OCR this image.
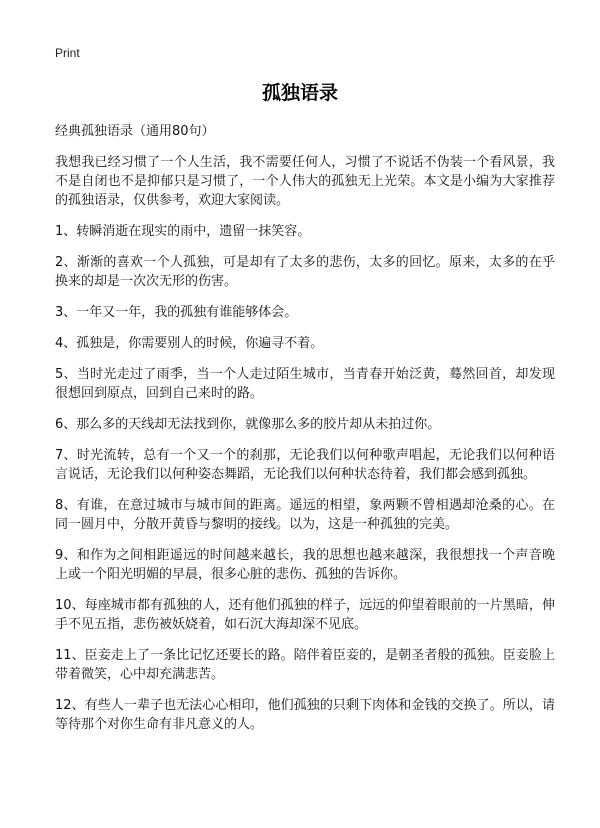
Print
孤独语录

经典孤独语录（通用80句）

我想我已经习惯了一个人生活，我不需要任何人，习惯了不说话不伪装一个看风景，我不是自闭也不是抑郁只是习惯了，一个人伟大的孤独无上光荣。本文是小编为大家推荐的孤独语录，仅供参考，欢迎大家阅读。

1、转瞬消逝在现实的雨中，遗留一抹笑容。

2、渐渐的喜欢一个人孤独，可是却有了太多的悲伤，太多的回忆。原来，太多的在乎换来的却是一次次无形的伤害。

3、一年又一年，我的孤独有谁能够体会。

4、孤独是，你需要别人的时候，你遍寻不着。

5、当时光走过了雨季，当一个人走过陌生城市，当青春开始泛黄，蓦然回首，却发现很想回到原点，回到自己来时的路。

6、那么多的天线却无法找到你，就像那么多的胶片却从未拍过你。

7、时光流转，总有一个又一个的刹那，无论我们以何种歌声唱起，无论我们以何种语言说话，无论我们以何种姿态舞蹈，无论我们以何种状态待着，我们都会感到孤独。

8、有谁，在意过城市与城市间的距离。遥远的相望，象两颗不曾相遇却沧桑的心。在同一圆月中，分散开黄昏与黎明的接线。以为，这是一种孤独的完美。

9、和作为之间相距遥远的时间越来越长，我的思想也越来越深，我很想找一个声音晚上或一个阳光明媚的早晨，很多心脏的悲伤、孤独的告诉你。

10、每座城市都有孤独的人，还有他们孤独的样子，远远的仰望着眼前的一片黑暗，伸手不见五指，悲伤被妖娆着，如石沉大海却深不见底。

11、臣妾走上了一条比记忆还要长的路。陪伴着臣妾的，是朝圣者般的孤独。臣妾脸上带着微笑，心中却充满悲苦。

12、有些人一辈子也无法心心相印，他们孤独的只剩下肉体和金钱的交换了。所以，请等待那个对你生命有非凡意义的人。
